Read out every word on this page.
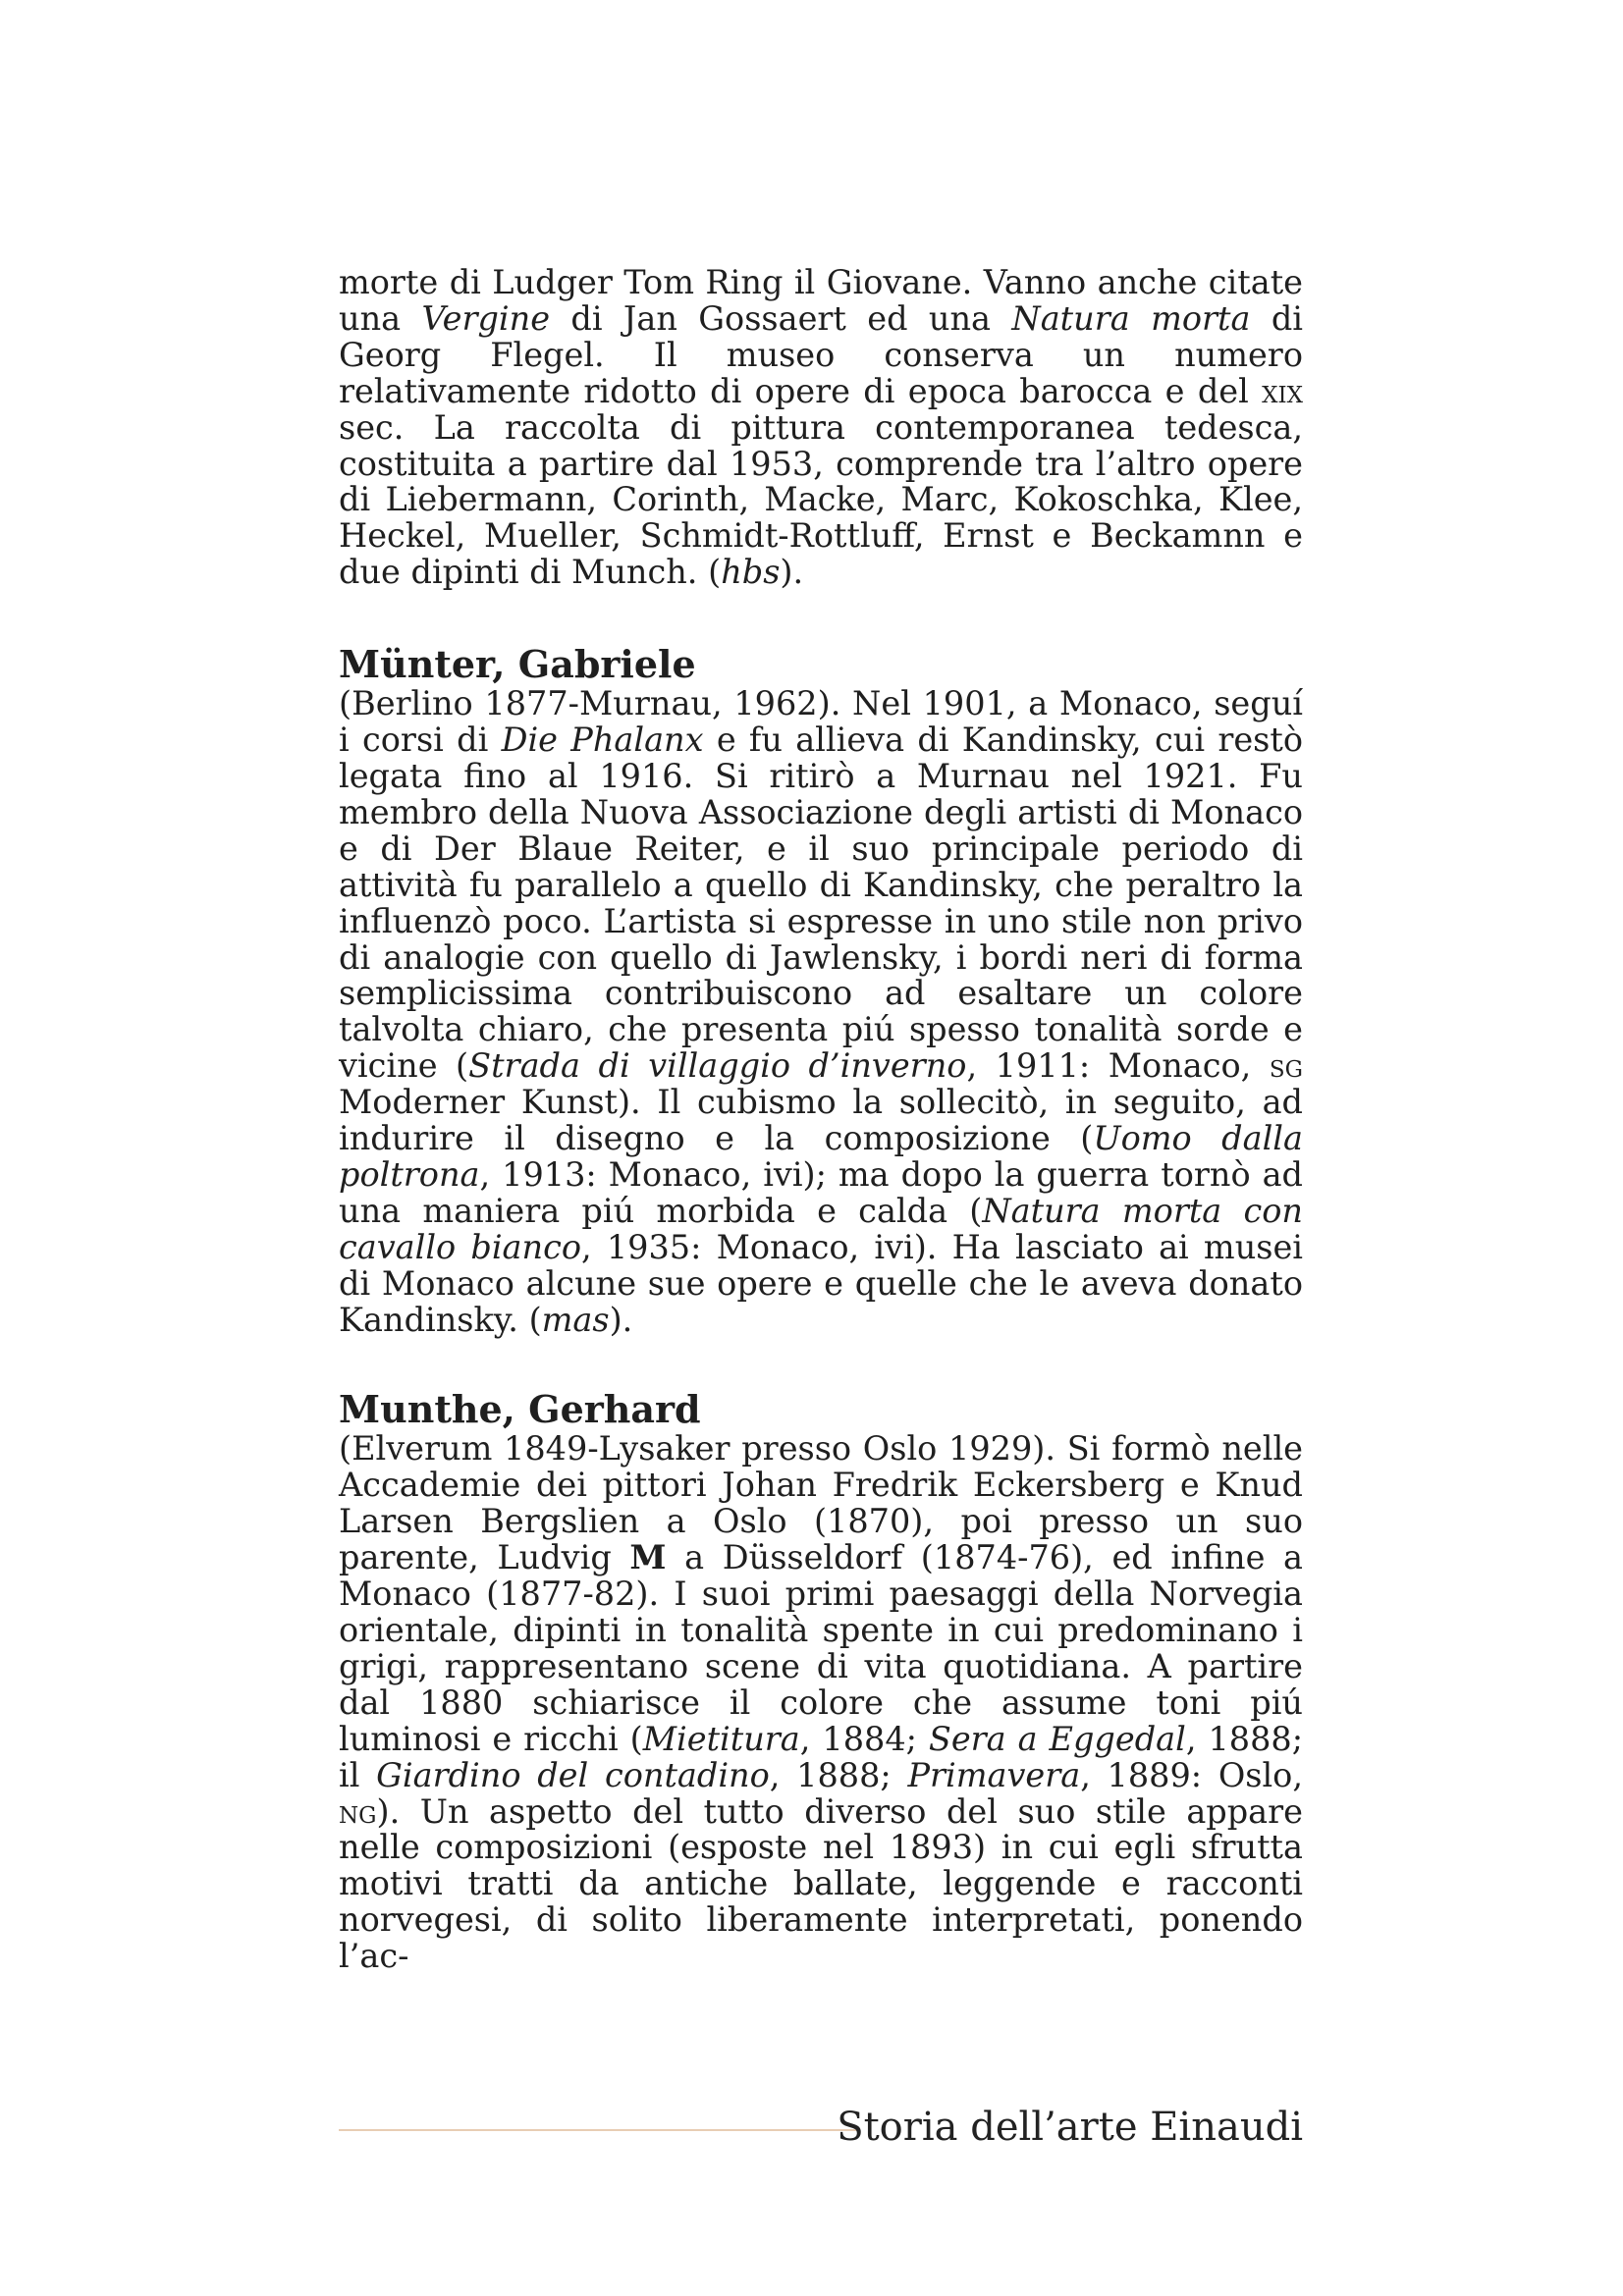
morte di Ludger Tom Ring il Giovane. Vanno anche citate una Vergine di Jan Gossaert ed una Natura morta di Georg Flegel. Il museo conserva un numero relativamente ridotto di opere di epoca barocca e del xix sec. La raccolta di pittura contemporanea tedesca, costituita a partire dal 1953, comprende tra l’altro opere di Liebermann, Corinth, Macke, Marc, Kokoschka, Klee, Heckel, Mueller, Schmidt-Rottluff, Ernst e Beckamnn e due dipinti di Munch. (hbs).

Münter, Gabriele

(Berlino 1877-Murnau, 1962). Nel 1901, a Monaco, seguí i corsi di Die Phalanx e fu allieva di Kandinsky, cui restò legata fino al 1916. Si ritirò a Murnau nel 1921. Fu membro della Nuova Associazione degli artisti di Monaco e di Der Blaue Reiter, e il suo principale periodo di attività fu parallelo a quello di Kandinsky, che peraltro la influenzò poco. L’artista si espresse in uno stile non privo di analogie con quello di Jawlensky, i bordi neri di forma semplicissima contribuiscono ad esaltare un colore talvolta chiaro, che presenta piú spesso tonalità sorde e vicine (Strada di villaggio d’inverno, 1911: Monaco, sg Moderner Kunst). Il cubismo la sollecitò, in seguito, ad indurire il disegno e la composizione (Uomo dalla poltrona, 1913: Monaco, ivi); ma dopo la guerra tornò ad una maniera piú morbida e calda (Natura morta con cavallo bianco, 1935: Monaco, ivi). Ha lasciato ai musei di Monaco alcune sue opere e quelle che le aveva donato Kandinsky. (mas).

Munthe, Gerhard

(Elverum 1849-Lysaker presso Oslo 1929). Si formò nelle Accademie dei pittori Johan Fredrik Eckersberg e Knud Larsen Bergslien a Oslo (1870), poi presso un suo parente, Ludvig M a Düsseldorf (1874-76), ed infine a Monaco (1877-82). I suoi primi paesaggi della Norvegia orientale, dipinti in tonalità spente in cui predominano i grigi, rappresentano scene di vita quotidiana. A partire dal 1880 schiarisce il colore che assume toni piú luminosi e ricchi (Mietitura, 1884; Sera a Eggedal, 1888; il Giardino del contadino, 1888; Primavera, 1889: Oslo, ng). Un aspetto del tutto diverso del suo stile appare nelle composizioni (esposte nel 1893) in cui egli sfrutta motivi tratti da antiche ballate, leggende e racconti norvegesi, di solito liberamente interpretati, ponendo l’ac-

Storia dell’arte Einaudi
